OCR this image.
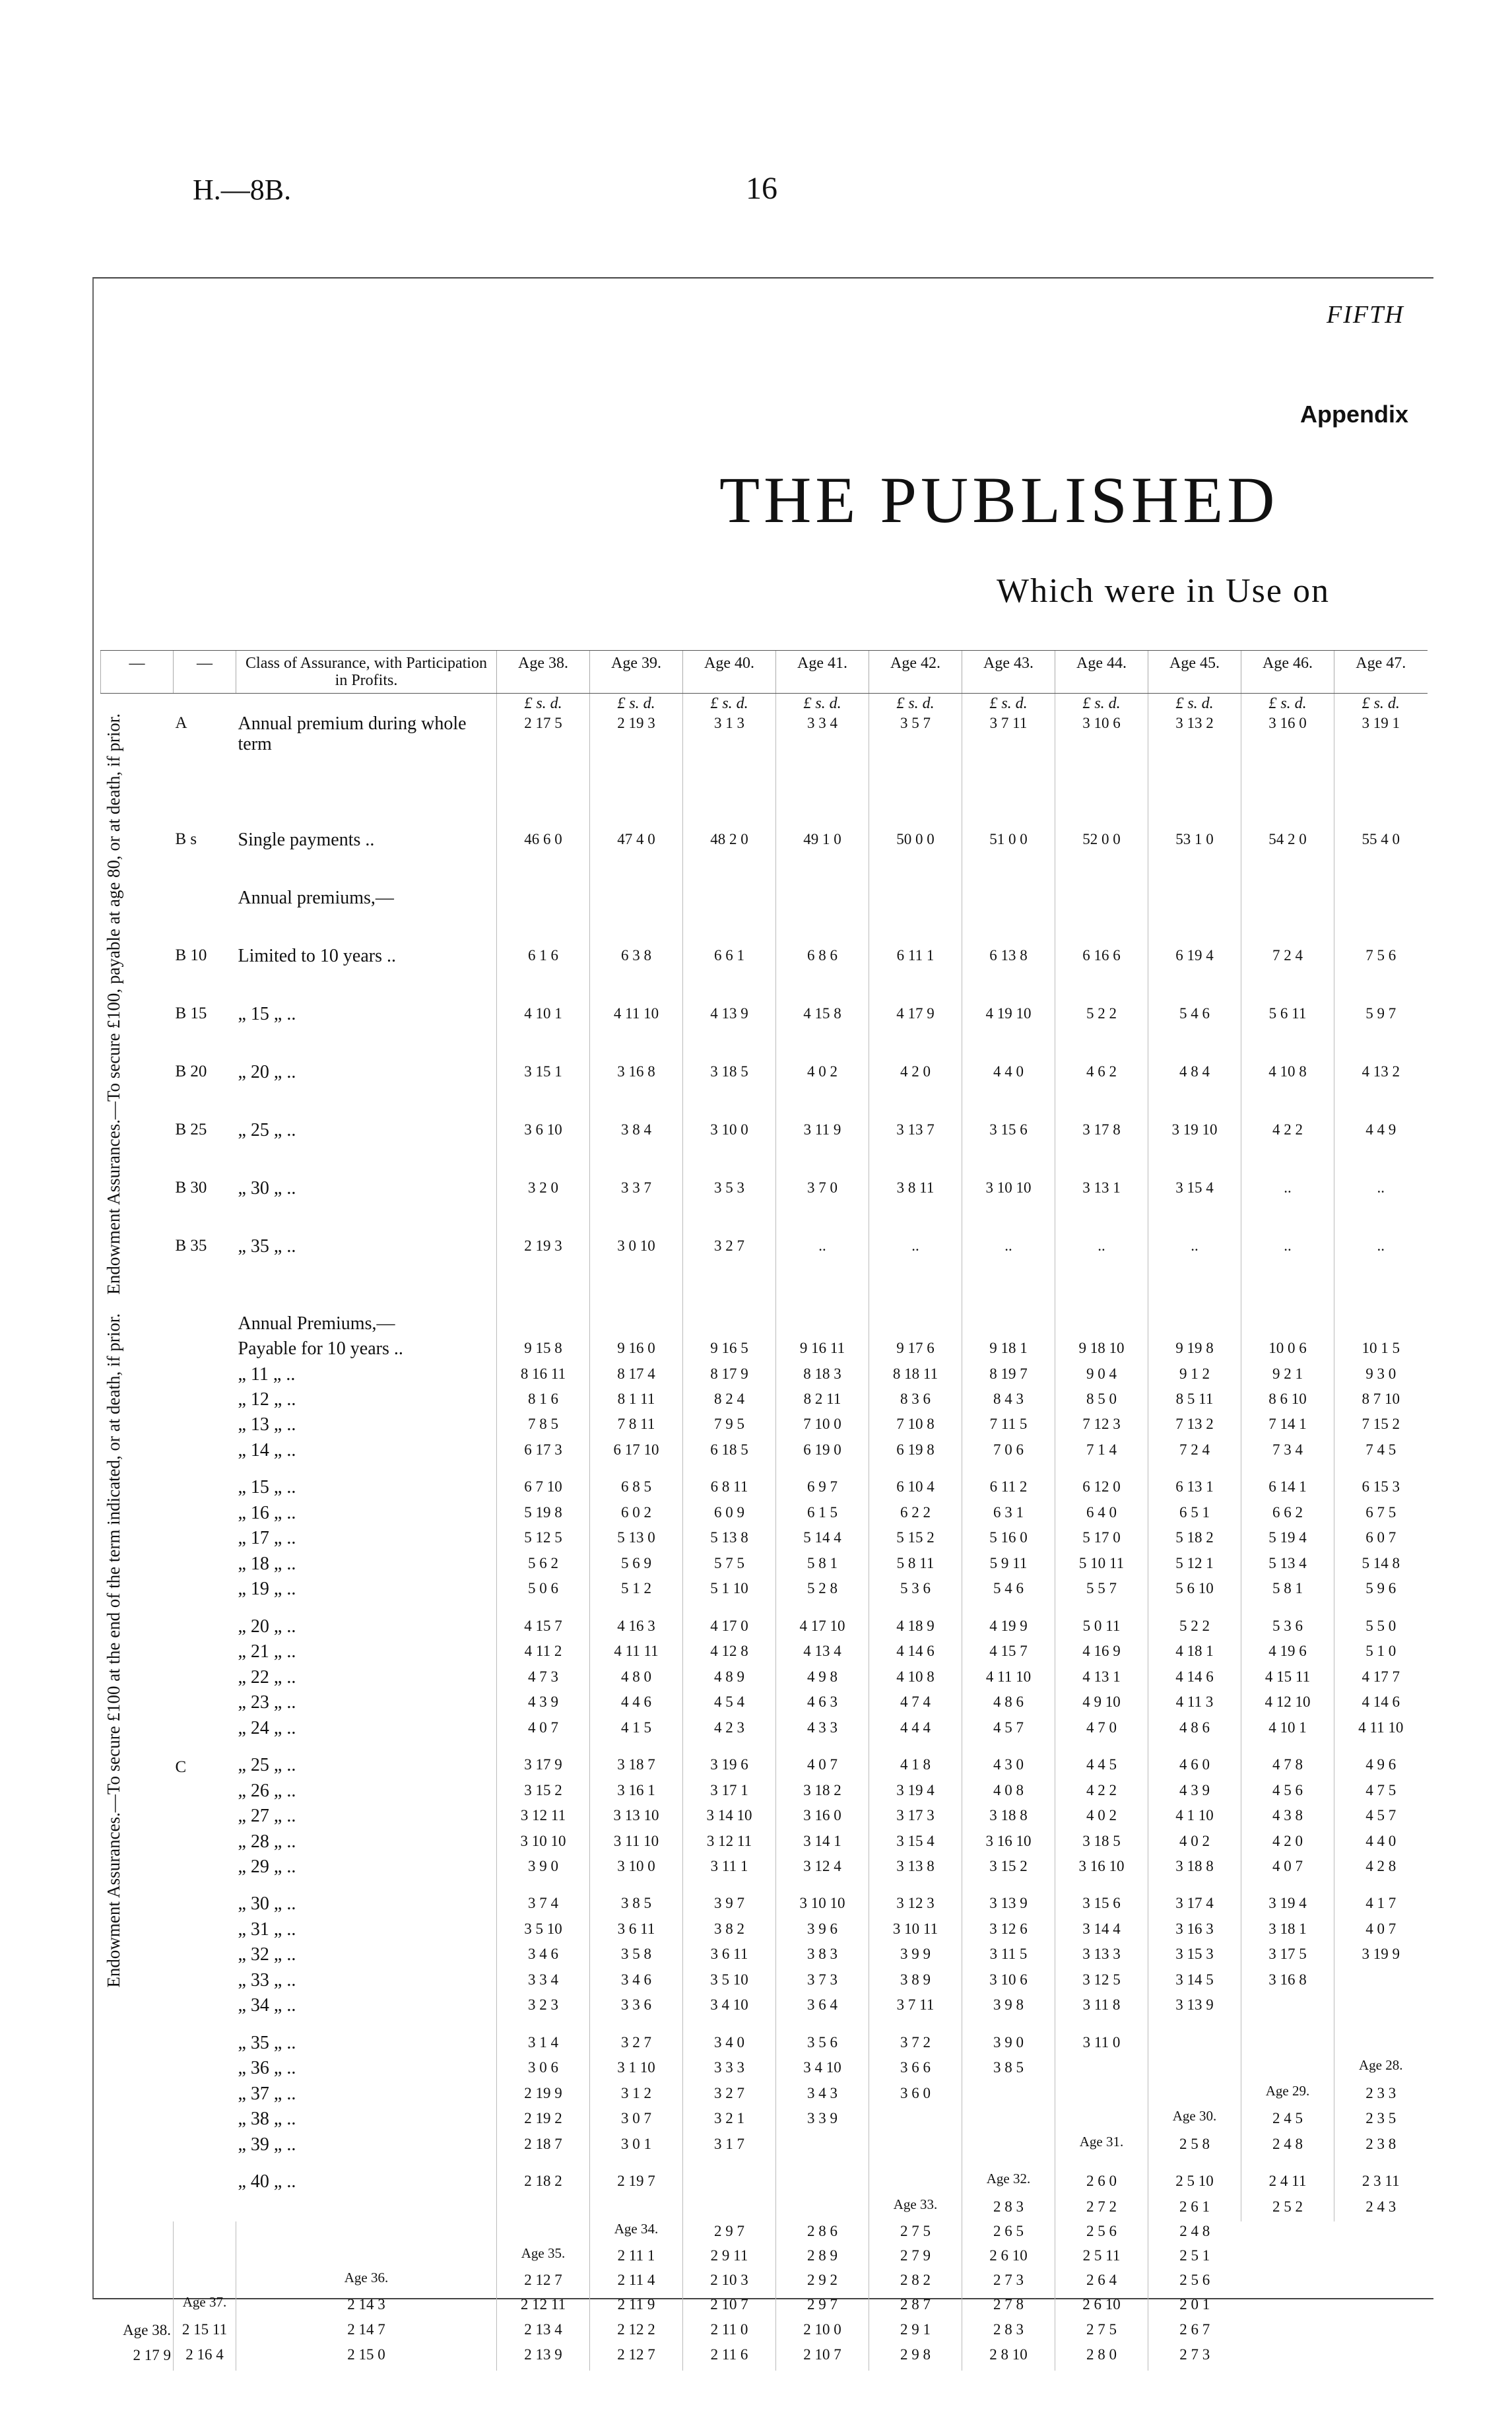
H.—8B.	16
FIFTH
Appendix
THE PUBLISHED
Which were in Use on
—	—	Class of Assurance, with Participation in Profits.	Age 38.	Age 39.	Age 40.	Age 41.	Age 42.	Age 43.	Age 44.	Age 45.	Age 46.	Age 47.
			£ s. d.	£ s. d.	£ s. d.	£ s. d.	£ s. d.	£ s. d.	£ s. d.	£ s. d.	£ s. d.	£ s. d.

Endowment Assurances.—To secure £100, payable at age 80, or at death, if prior.	A	Annual premium during whole term	2 17 5	2 19 3	3 1 3	3 3 4	3 5 7	3 7 11	3 10 6	3 13 2	3 16 0	3 19 1
	B s	Single payments ..	46 6 0	47 4 0	48 2 0	49 1 0	50 0 0	51 0 0	52 0 0	53 1 0	54 2 0	55 4 0
		Annual premiums,—										
	B 10	Limited to 10 years ..	6 1 6	6 3 8	6 6 1	6 8 6	6 11 1	6 13 8	6 16 6	6 19 4	7 2 4	7 5 6
	B 15	„ 15 „ ..	4 10 1	4 11 10	4 13 9	4 15 8	4 17 9	4 19 10	5 2 2	5 4 6	5 6 11	5 9 7
	B 20	„ 20 „ ..	3 15 1	3 16 8	3 18 5	4 0 2	4 2 0	4 4 0	4 6 2	4 8 4	4 10 8	4 13 2
	B 25	„ 25 „ ..	3 6 10	3 8 4	3 10 0	3 11 9	3 13 7	3 15 6	3 17 8	3 19 10	4 2 2	4 4 9
	B 30	„ 30 „ ..	3 2 0	3 3 7	3 5 3	3 7 0	3 8 11	3 10 10	3 13 1	3 15 4	..	..
	B 35	„ 35 „ ..	2 19 3	3 0 10	3 2 7	..	..	..	..	..	..	..

Endowment Assurances.—To secure £100 at the end of the term indicated, or at death, if prior.	C	Annual Premiums,—										
		Payable for 10 years ..	9 15 8	9 16 0	9 16 5	9 16 11	9 17 6	9 18 1	9 18 10	9 19 8	10 0 6	10 1 5
		„ 11 „ ..	8 16 11	8 17 4	8 17 9	8 18 3	8 18 11	8 19 7	9 0 4	9 1 2	9 2 1	9 3 0
		„ 12 „ ..	8 1 6	8 1 11	8 2 4	8 2 11	8 3 6	8 4 3	8 5 0	8 5 11	8 6 10	8 7 10
		„ 13 „ ..	7 8 5	7 8 11	7 9 5	7 10 0	7 10 8	7 11 5	7 12 3	7 13 2	7 14 1	7 15 2
		„ 14 „ ..	6 17 3	6 17 10	6 18 5	6 19 0	6 19 8	7 0 6	7 1 4	7 2 4	7 3 4	7 4 5

		„ 15 „ ..	6 7 10	6 8 5	6 8 11	6 9 7	6 10 4	6 11 2	6 12 0	6 13 1	6 14 1	6 15 3
		„ 16 „ ..	5 19 8	6 0 2	6 0 9	6 1 5	6 2 2	6 3 1	6 4 0	6 5 1	6 6 2	6 7 5
		„ 17 „ ..	5 12 5	5 13 0	5 13 8	5 14 4	5 15 2	5 16 0	5 17 0	5 18 2	5 19 4	6 0 7
		„ 18 „ ..	5 6 2	5 6 9	5 7 5	5 8 1	5 8 11	5 9 11	5 10 11	5 12 1	5 13 4	5 14 8
		„ 19 „ ..	5 0 6	5 1 2	5 1 10	5 2 8	5 3 6	5 4 6	5 5 7	5 6 10	5 8 1	5 9 6

		„ 20 „ ..	4 15 7	4 16 3	4 17 0	4 17 10	4 18 9	4 19 9	5 0 11	5 2 2	5 3 6	5 5 0
		„ 21 „ ..	4 11 2	4 11 11	4 12 8	4 13 4	4 14 6	4 15 7	4 16 9	4 18 1	4 19 6	5 1 0
		„ 22 „ ..	4 7 3	4 8 0	4 8 9	4 9 8	4 10 8	4 11 10	4 13 1	4 14 6	4 15 11	4 17 7
		„ 23 „ ..	4 3 9	4 4 6	4 5 4	4 6 3	4 7 4	4 8 6	4 9 10	4 11 3	4 12 10	4 14 6
		„ 24 „ ..	4 0 7	4 1 5	4 2 3	4 3 3	4 4 4	4 5 7	4 7 0	4 8 6	4 10 1	4 11 10

		„ 25 „ ..	3 17 9	3 18 7	3 19 6	4 0 7	4 1 8	4 3 0	4 4 5	4 6 0	4 7 8	4 9 6
		„ 26 „ ..	3 15 2	3 16 1	3 17 1	3 18 2	3 19 4	4 0 8	4 2 2	4 3 9	4 5 6	4 7 5
		„ 27 „ ..	3 12 11	3 13 10	3 14 10	3 16 0	3 17 3	3 18 8	4 0 2	4 1 10	4 3 8	4 5 7
		„ 28 „ ..	3 10 10	3 11 10	3 12 11	3 14 1	3 15 4	3 16 10	3 18 5	4 0 2	4 2 0	4 4 0
		„ 29 „ ..	3 9 0	3 10 0	3 11 1	3 12 4	3 13 8	3 15 2	3 16 10	3 18 8	4 0 7	4 2 8

		„ 30 „ ..	3 7 4	3 8 5	3 9 7	3 10 10	3 12 3	3 13 9	3 15 6	3 17 4	3 19 4	4 1 7
		„ 31 „ ..	3 5 10	3 6 11	3 8 2	3 9 6	3 10 11	3 12 6	3 14 4	3 16 3	3 18 1	4 0 7
		„ 32 „ ..	3 4 6	3 5 8	3 6 11	3 8 3	3 9 9	3 11 5	3 13 3	3 15 3	3 17 5	3 19 9
		„ 33 „ ..	3 3 4	3 4 6	3 5 10	3 7 3	3 8 9	3 10 6	3 12 5	3 14 5	3 16 8	
		„ 34 „ ..	3 2 3	3 3 6	3 4 10	3 6 4	3 7 11	3 9 8	3 11 8	3 13 9		

		„ 35 „ ..	3 1 4	3 2 7	3 4 0	3 5 6	3 7 2	3 9 0	3 11 0			
		„ 36 „ ..	3 0 6	3 1 10	3 3 3	3 4 10	3 6 6	3 8 5				Age 28.
		„ 37 „ ..	2 19 9	3 1 2	3 2 7	3 4 3	3 6 0				Age 29.	2 3 3
		„ 38 „ ..	2 19 2	3 0 7	3 2 1	3 3 9				Age 30.	2 4 5	2 3 5
		„ 39 „ ..	2 18 7	3 0 1	3 1 7				Age 31.	2 5 8	2 4 8	2 3 8

		„ 40 „ ..	2 18 2	2 19 7				Age 32.	2 6 0	2 5 10	2 4 11	2 3 11
							Age 33.	2 8 3	2 7 2	2 6 1	2 5 2	2 4 3
				Age 34.	2 9 7	2 8 6	2 7 5	2 6 5	2 5 6	2 4 8		
			Age 35.	2 11 1	2 9 11	2 8 9	2 7 9	2 6 10	2 5 11	2 5 1		
		Age 36.	2 12 7	2 11 4	2 10 3	2 9 2	2 8 2	2 7 3	2 6 4	2 5 6		
	Age 37.	2 14 3	2 12 11	2 11 9	2 10 7	2 9 7	2 8 7	2 7 8	2 6 10	2 0 1		
Age 38.	2 15 11	2 14 7	2 13 4	2 12 2	2 11 0	2 10 0	2 9 1	2 8 3	2 7 5	2 6 7		
2 17 9	2 16 4	2 15 0	2 13 9	2 12 7	2 11 6	2 10 7	2 9 8	2 8 10	2 8 0	2 7 3		
